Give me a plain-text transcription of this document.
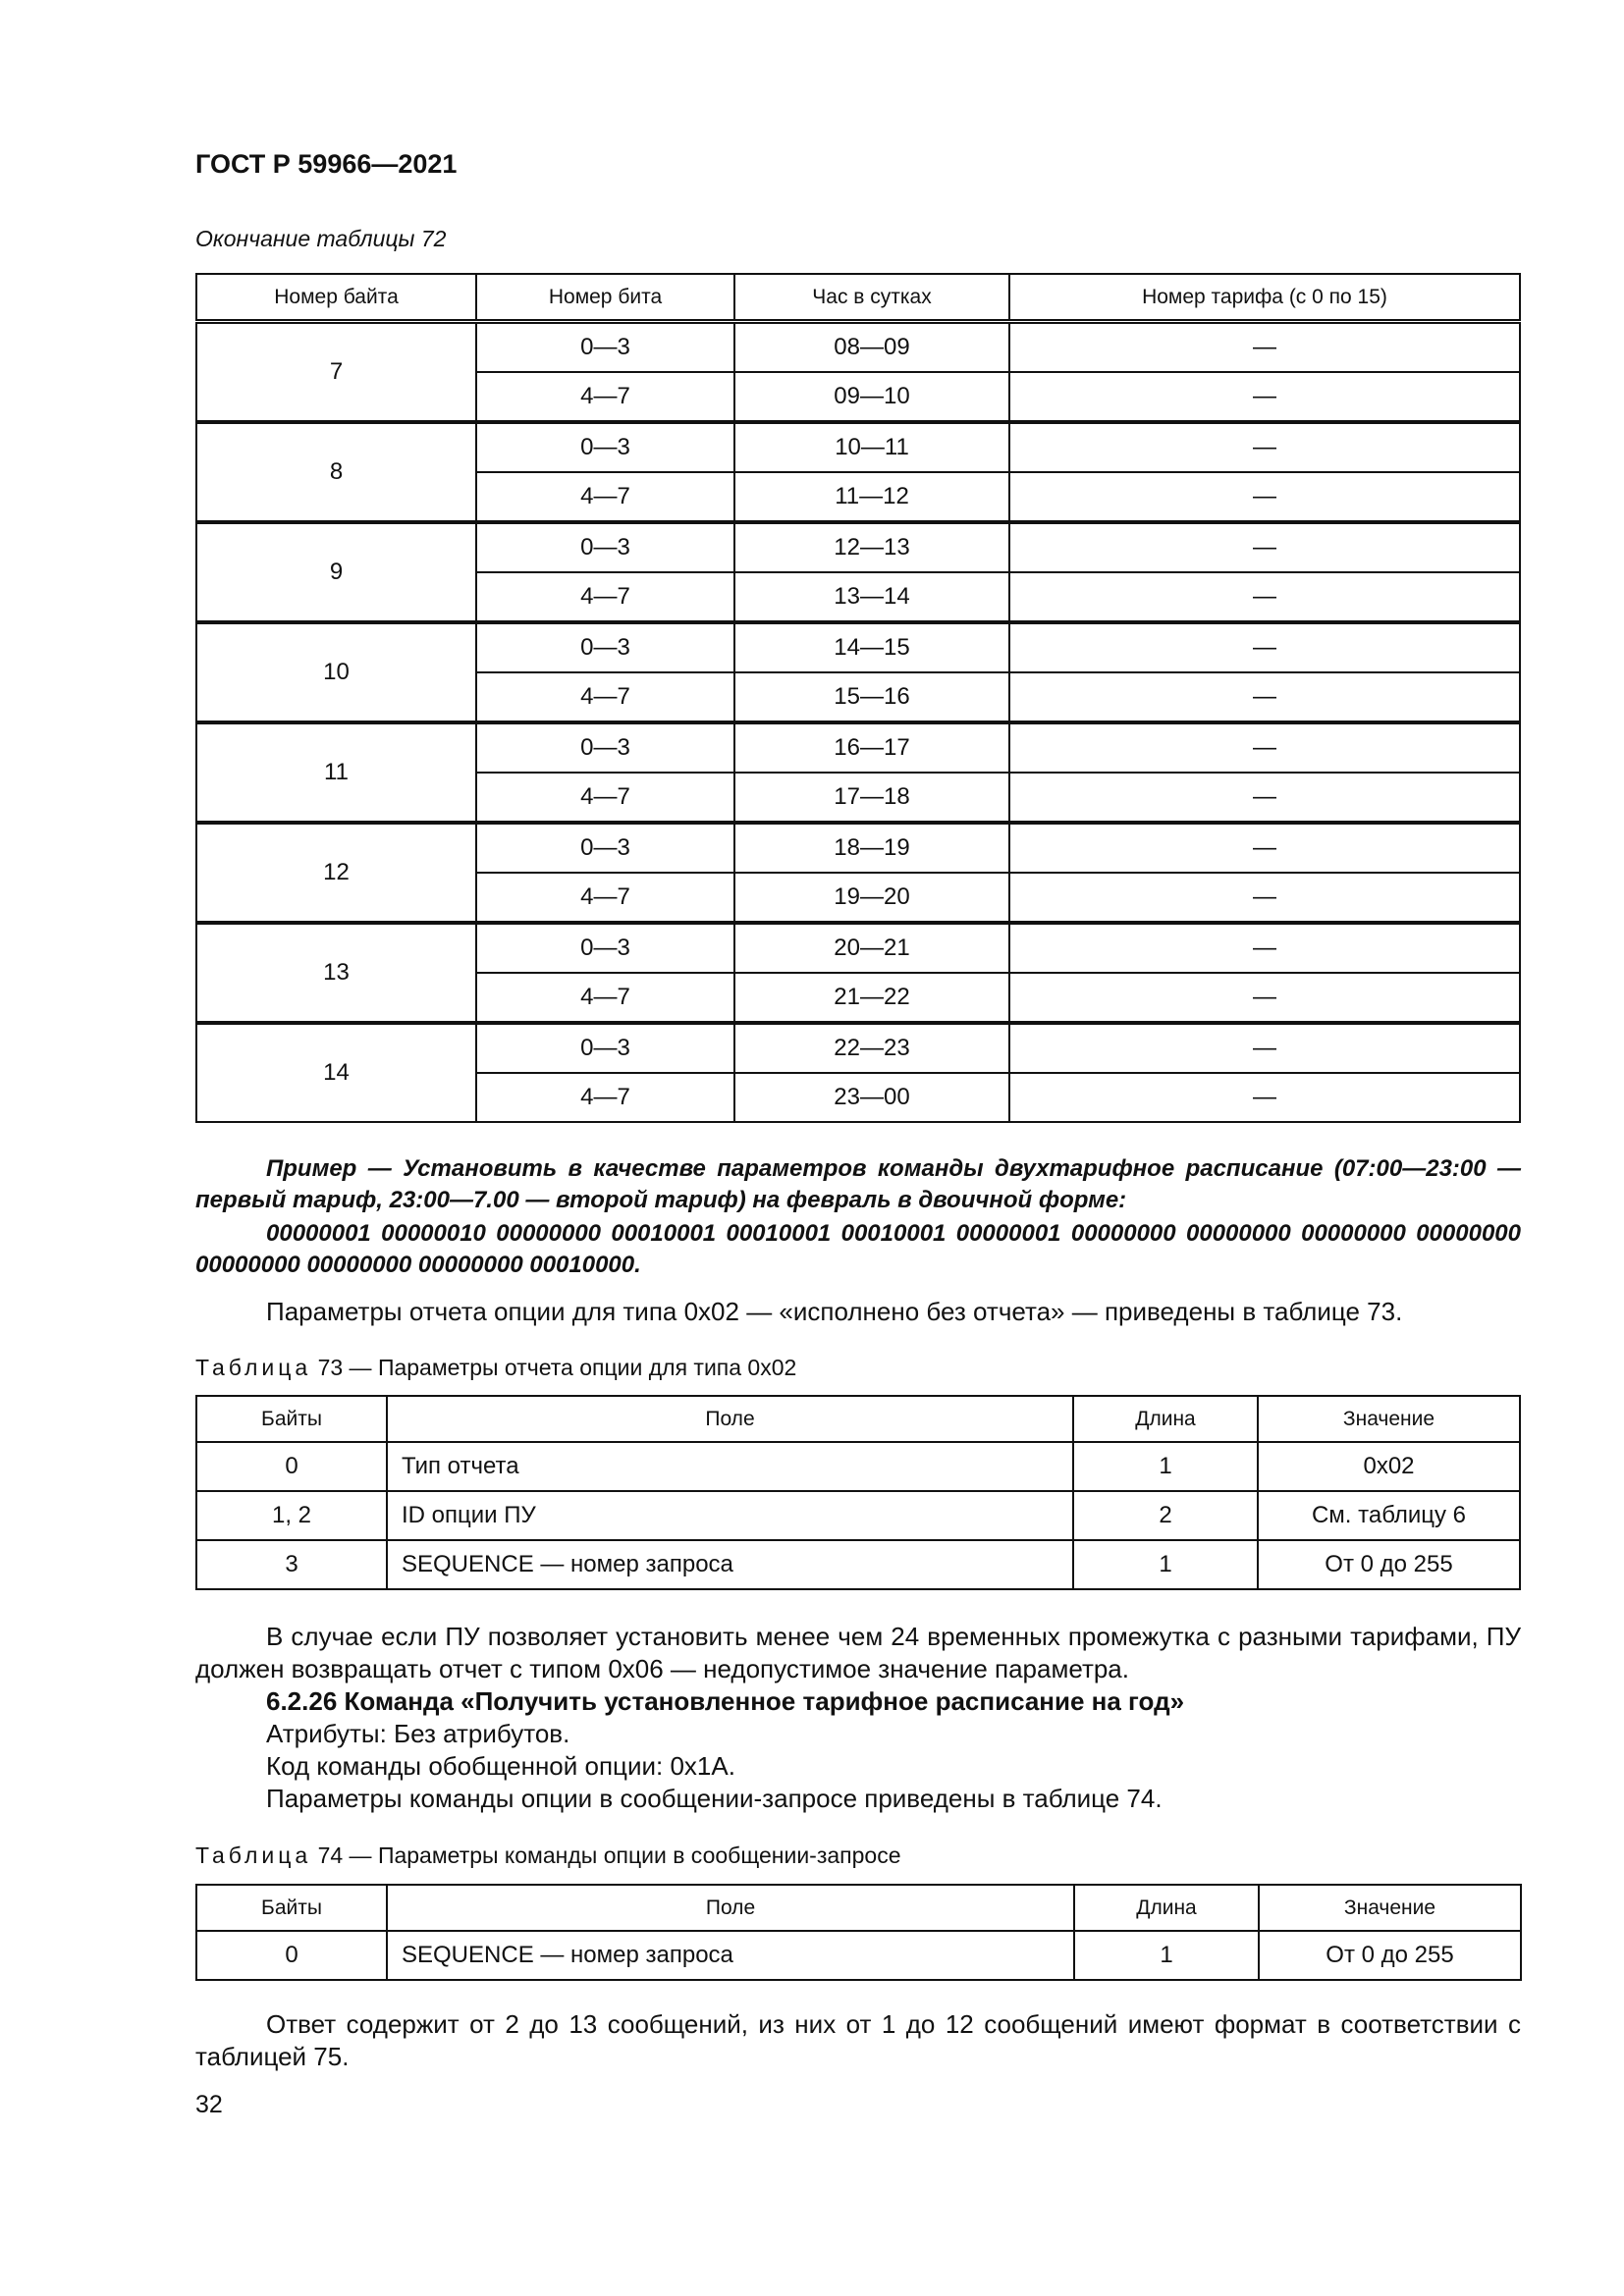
ГОСТ Р 59966—2021
Окончание таблицы 72
Номер байта	Номер бита	Час в сутках	Номер тарифа (с 0 по 15)
7	0—3	08—09	—
	4—7	09—10	—
8	0—3	10—11	—
	4—7	11—12	—
9	0—3	12—13	—
	4—7	13—14	—
10	0—3	14—15	—
	4—7	15—16	—
11	0—3	16—17	—
	4—7	17—18	—
12	0—3	18—19	—
	4—7	19—20	—
13	0—3	20—21	—
	4—7	21—22	—
14	0—3	22—23	—
	4—7	23—00	—
Пример — Установить в качестве параметров команды двухтарифное расписание (07:00—23:00 — первый тариф, 23:00—7.00 — второй тариф) на февраль в двоичной форме:
00000001 00000010 00000000 00010001 00010001 00010001 00000001 00000000 00000000 00000000 00000000 00000000 00000000 00000000 00010000.
Параметры отчета опции для типа 0x02 — «исполнено без отчета» — приведены в таблице 73.
Таблица 73 — Параметры отчета опции для типа 0x02
Байты	Поле	Длина	Значение
0	Тип отчета	1	0x02
1, 2	ID опции ПУ	2	См. таблицу 6
3	SEQUENCE — номер запроса	1	От 0 до 255
В случае если ПУ позволяет установить менее чем 24 временных промежутка с разными тарифами, ПУ должен возвращать отчет с типом 0x06 — недопустимое значение параметра.
6.2.26 Команда «Получить установленное тарифное расписание на год»
Атрибуты: Без атрибутов.
Код команды обобщенной опции: 0x1A.
Параметры команды опции в сообщении-запросе приведены в таблице 74.
Таблица 74 — Параметры команды опции в сообщении-запросе
Байты	Поле	Длина	Значение
0	SEQUENCE — номер запроса	1	От 0 до 255
Ответ содержит от 2 до 13 сообщений, из них от 1 до 12 сообщений имеют формат в соответствии с таблицей 75.
32
